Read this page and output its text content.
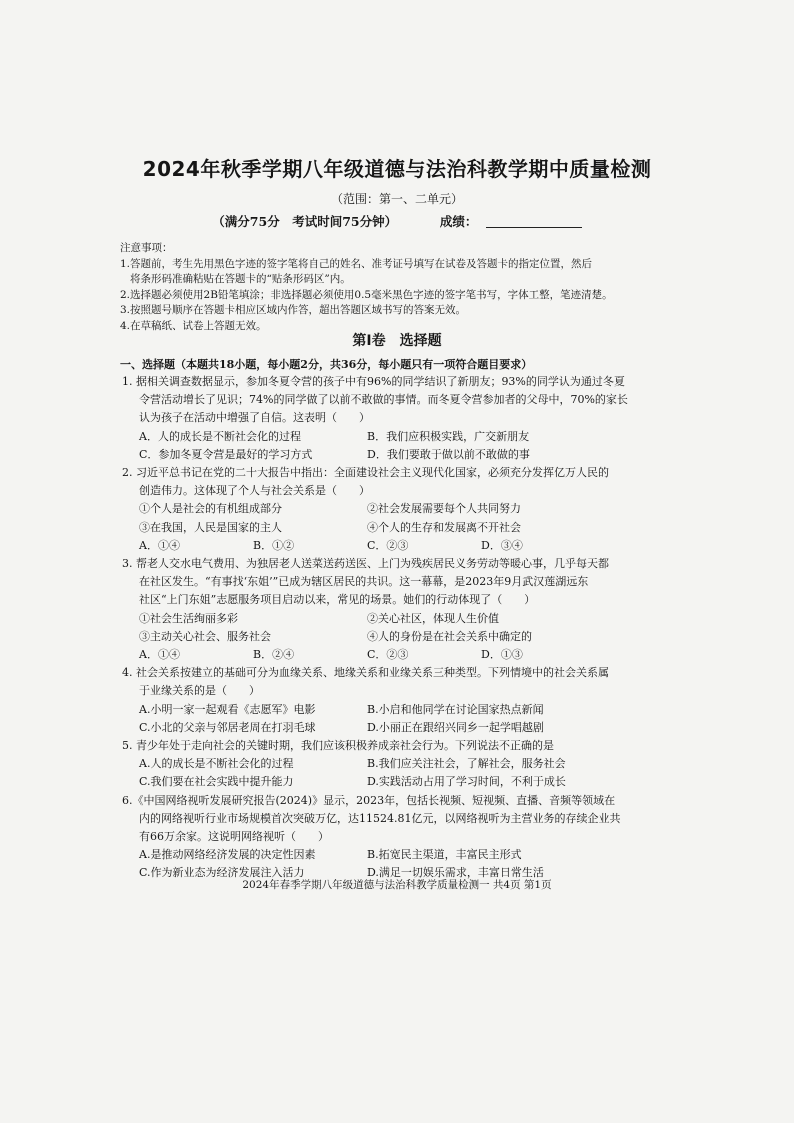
2024年秋季学期八年级道德与法治科教学期中质量检测
（范围：第一、二单元）
（满分75分　考试时间75分钟）	成绩：
注意事项：
1.答题前，考生先用黑色字迹的签字笔将自己的姓名、准考证号填写在试卷及答题卡的指定位置，然后
将条形码准确粘贴在答题卡的“贴条形码区”内。
2.选择题必须使用2B铅笔填涂；非选择题必须使用0.5毫米黑色字迹的签字笔书写，字体工整，笔迹清楚。
3.按照题号顺序在答题卡相应区域内作答，超出答题区域书写的答案无效。
4.在草稿纸、试卷上答题无效。
第Ⅰ卷　选择题
一、选择题（本题共18小题，每小题2分，共36分，每小题只有一项符合题目要求）
1. 据相关调查数据显示，参加冬夏令营的孩子中有96%的同学结识了新朋友；93%的同学认为通过冬夏
令营活动增长了见识；74%的同学做了以前不敢做的事情。而冬夏令营参加者的父母中，70%的家长
认为孩子在活动中增强了自信。这表明（　　）
A．人的成长是不断社会化的过程	B．我们应积极实践，广交新朋友
C．参加冬夏令营是最好的学习方式	D．我们要敢于做以前不敢做的事
2. 习近平总书记在党的二十大报告中指出：全面建设社会主义现代化国家，必须充分发挥亿万人民的
创造伟力。这体现了个人与社会关系是（　　）
①个人是社会的有机组成部分	②社会发展需要每个人共同努力
③在我国，人民是国家的主人	④个人的生存和发展离不开社会
A．①④	B．①②	C．②③	D．③④
3. 帮老人交水电气费用、为独居老人送菜送药送医、上门为残疾居民义务劳动等暖心事，几乎每天都
在社区发生。“有事找‘东姐’”已成为辖区居民的共识。这一幕幕，是2023年9月武汉莲湖远东
社区“上门东姐”志愿服务项目启动以来，常见的场景。她们的行动体现了（　　）
①社会生活绚丽多彩	②关心社区，体现人生价值
③主动关心社会、服务社会	④人的身份是在社会关系中确定的
A．①④	B．②④	C．②③	D．①③
4. 社会关系按建立的基础可分为血缘关系、地缘关系和业缘关系三种类型。下列情境中的社会关系属
于业缘关系的是（　　）
A.小明一家一起观看《志愿军》电影	B.小启和他同学在讨论国家热点新闻
C.小北的父亲与邻居老周在打羽毛球	D.小丽正在跟绍兴同乡一起学唱越剧
5. 青少年处于走向社会的关键时期，我们应该积极养成亲社会行为。下列说法不正确的是
A.人的成长是不断社会化的过程	B.我们应关注社会，了解社会，服务社会
C.我们要在社会实践中提升能力	D.实践活动占用了学习时间，不利于成长
6.《中国网络视听发展研究报告(2024)》显示，2023年，包括长视频、短视频、直播、音频等领域在
内的网络视听行业市场规模首次突破万亿，达11524.81亿元，以网络视听为主营业务的存续企业共
有66万余家。这说明网络视听（　　）
A.是推动网络经济发展的决定性因素	B.拓宽民主渠道，丰富民主形式
C.作为新业态为经济发展注入活力	D.满足一切娱乐需求，丰富日常生活
2024年春季学期八年级道德与法治科教学质量检测一 共4页 第1页
